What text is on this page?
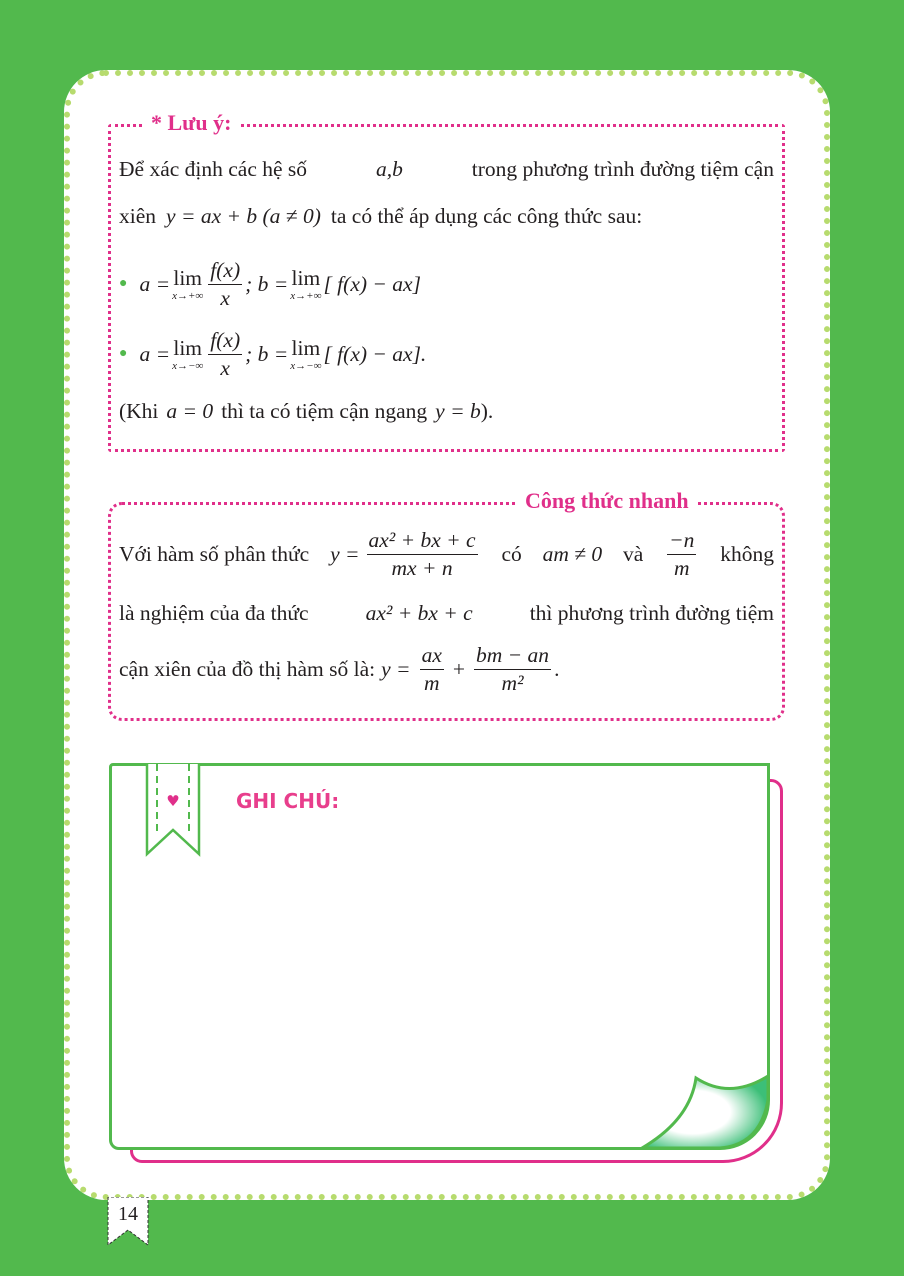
* Lưu ý:
Để xác định các hệ số	a,b	trong phương trình đường tiệm cận
xiên y = ax + b (a ≠ 0) ta có thể áp dụng các công thức sau:
● a = lim
$x\to+\infty \frac{f(x)}{x}$ ; b = lim
x→+∞
[ f(x) − ax]
● a = lim
$x\to-\infty \frac{f(x)}{x}$ ; b = lim
x→−∞
[ f(x) − ax].
(Khi a = 0 thì ta có tiệm cận ngang y = b ).
Công thức nhanh
Với hàm số phân thức $y = \frac{\text{ax² + bx + c}}{mx + n}$ có am ≠ 0 và $\frac{-n}{m}$ không
là nghiệm của đa thức	ax² + bx + c	thì phương trình đường tiệm
cận xiên của đồ thị hàm số là: $y = \frac{ax}{m} + \frac{bm - an}{\text{m²}}$ .
♥	GHI CHÚ:
14
